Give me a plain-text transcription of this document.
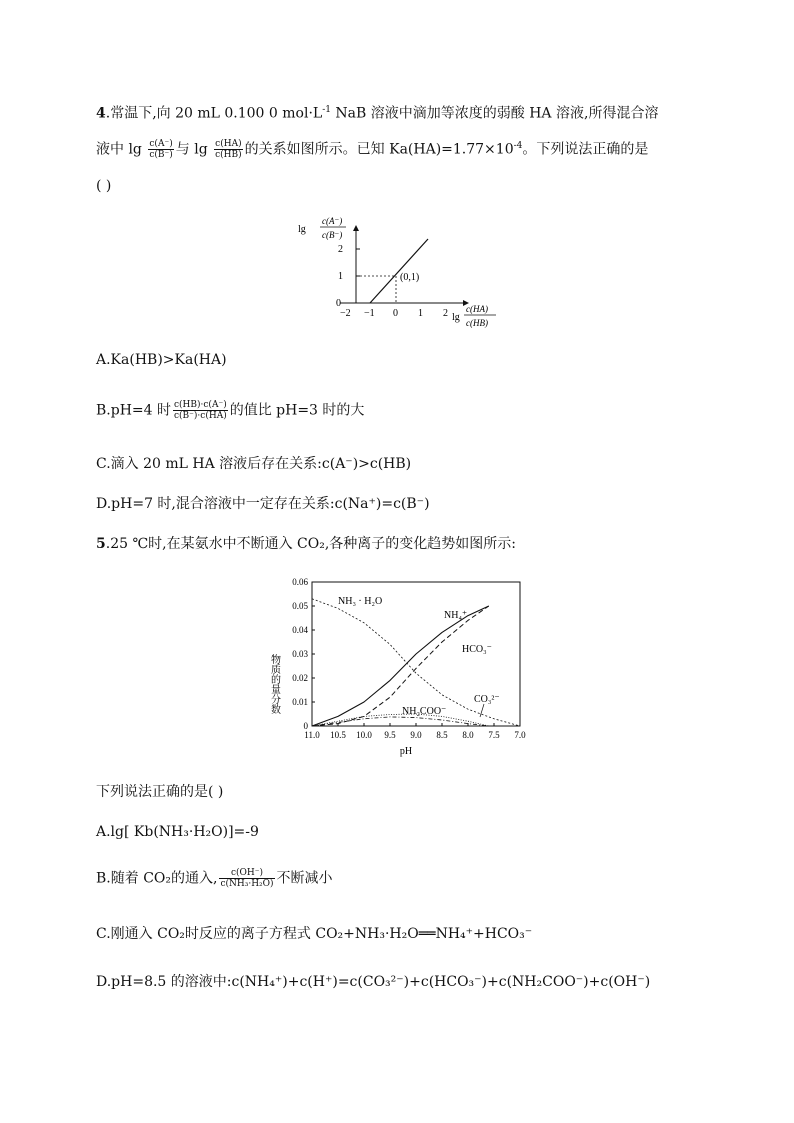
4.常温下,向 20 mL 0.100 0 $mol\cdot L^{-1}$ NaB 溶液中滴加等浓度的弱酸 HA 溶液,所得混合溶
液中 $\lg \frac{c(A^-)}{c(B^-)}$ 与 $\lg \frac{c(HA)}{c(HB)}$ 的关系如图所示。已知 $Ka(HA)=1.77\times 10^{-4}$。下列说法正确的是
( )
lg
c(A⁻)
c(B⁻)
−2 −1 0 1 2
0
1
2
(0,1)
lg
c(HA)
c(HB)
A.Ka(HB)>Ka(HA)
B.pH=4 时 $\frac{c(HB)\cdot c(A^-)}{c(B^-)\cdot c(HA)}$ 的值比 pH=3 时的大
C.滴入 20 mL HA 溶液后存在关系:c(A⁻)>c(HB)
D.pH=7 时,混合溶液中一定存在关系:c(Na⁺)=c(B⁻)
5.25 ℃时,在某氨水中不断通入 CO₂,各种离子的变化趋势如图所示:
0
0.01
0.02
0.03
0.04
0.05
0.06
11.0 10.5 10.0 9.5 9.0 8.5 8.0 7.5 7.0
物质的量分数
pH
NH₃ · H₂O
NH₄⁺
HCO₃⁻
CO₃²⁻
NH₂COO⁻
下列说法正确的是( )
A.lg[ Kb(NH₃·H₂O)]=-9
B.随着 CO₂的通入, $\frac{c(OH^-)}{\text{c(NH₃·H₂O)}}$ 不断减小
C.刚通入 CO₂时反应的离子方程式 CO₂+NH₃·H₂O══NH₄⁺+HCO₃⁻
D.pH=8.5 的溶液中:c(NH₄⁺)+c(H⁺)=c(CO₃²⁻)+c(HCO₃⁻)+c(NH₂COO⁻)+c(OH⁻)
